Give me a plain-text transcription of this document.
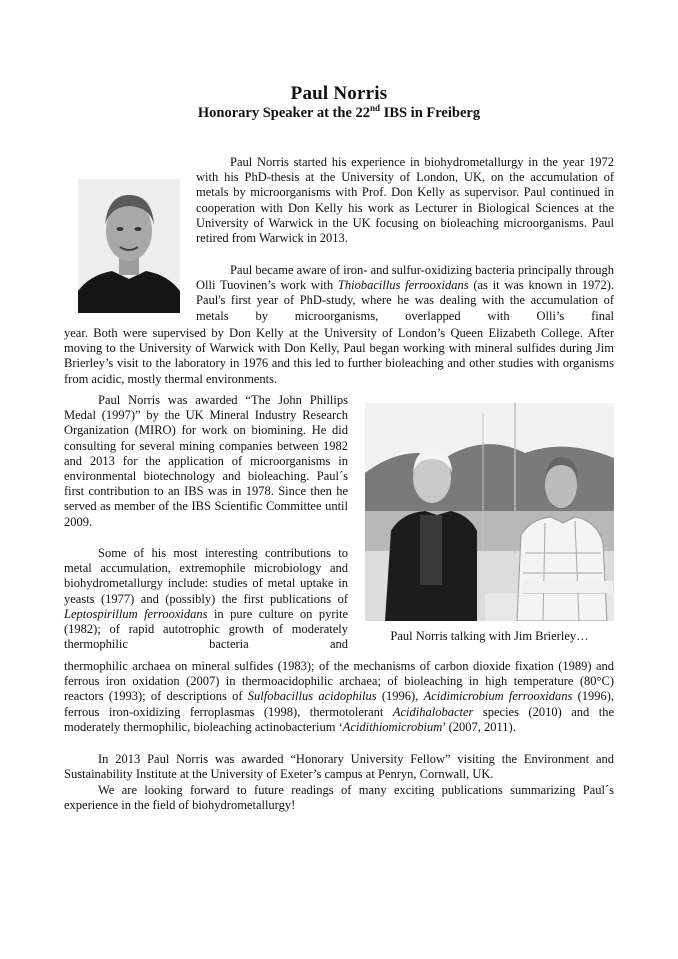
Paul Norris
Honorary Speaker at the 22nd IBS in Freiberg

Paul Norris started his experience in biohydrometallurgy in the year 1972 with his PhD-thesis at the University of London, UK, on the accumulation of metals by microorganisms with Prof. Don Kelly as supervisor. Paul continued in cooperation with Don Kelly his work as Lecturer in Biological Sciences at the University of Warwick in the UK focusing on bioleaching microorganisms. Paul retired from Warwick in 2013.

Paul became aware of iron- and sulfur-oxidizing bacteria principally through Olli Tuovinen’s work with Thiobacillus ferrooxidans (as it was known in 1972). Paul's first year of PhD-study, where he was dealing with the accumulation of metals by microorganisms, overlapped with Olli’s final

year. Both were supervised by Don Kelly at the University of London’s Queen Elizabeth College. After moving to the University of Warwick with Don Kelly, Paul began working with mineral sulfides during Jim Brierley’s visit to the laboratory in 1976 and this led to further bioleaching and other studies with organisms from acidic, mostly thermal environments.

Paul Norris was awarded “The John Phillips Medal (1997)” by the UK Mineral Industry Research Organization (MIRO) for work on biomining. He did consulting for several mining companies between 1982 and 2013 for the application of microorganisms in environmental biotechnology and bioleaching. Paul´s first contribution to an IBS was in 1978. Since then he served as member of the IBS Scientific Committee until 2009.

Paul Norris talking with Jim Brierley…

Some of his most interesting contributions to metal accumulation, extremophile microbiology and biohydrometallurgy include: studies of metal uptake in yeasts (1977) and (possibly) the first publications of Leptospirillum ferrooxidans in pure culture on pyrite (1982); of rapid autotrophic growth of moderately thermophilic bacteria and

thermophilic archaea on mineral sulfides (1983); of the mechanisms of carbon dioxide fixation (1989) and ferrous iron oxidation (2007) in thermoacidophilic archaea; of bioleaching in high temperature (80°C) reactors (1993); of descriptions of Sulfobacillus acidophilus (1996), Acidimicrobium ferrooxidans (1996), ferrous iron-oxidizing ferroplasmas (1998), thermotolerant Acidihalobacter species (2010) and the moderately thermophilic, bioleaching actinobacterium ‘Acidithiomicrobium’ (2007, 2011).

In 2013 Paul Norris was awarded “Honorary University Fellow” visiting the Environment and Sustainability Institute at the University of Exeter’s campus at Penryn, Cornwall, UK.

We are looking forward to future readings of many exciting publications summarizing Paul´s experience in the field of biohydrometallurgy!
